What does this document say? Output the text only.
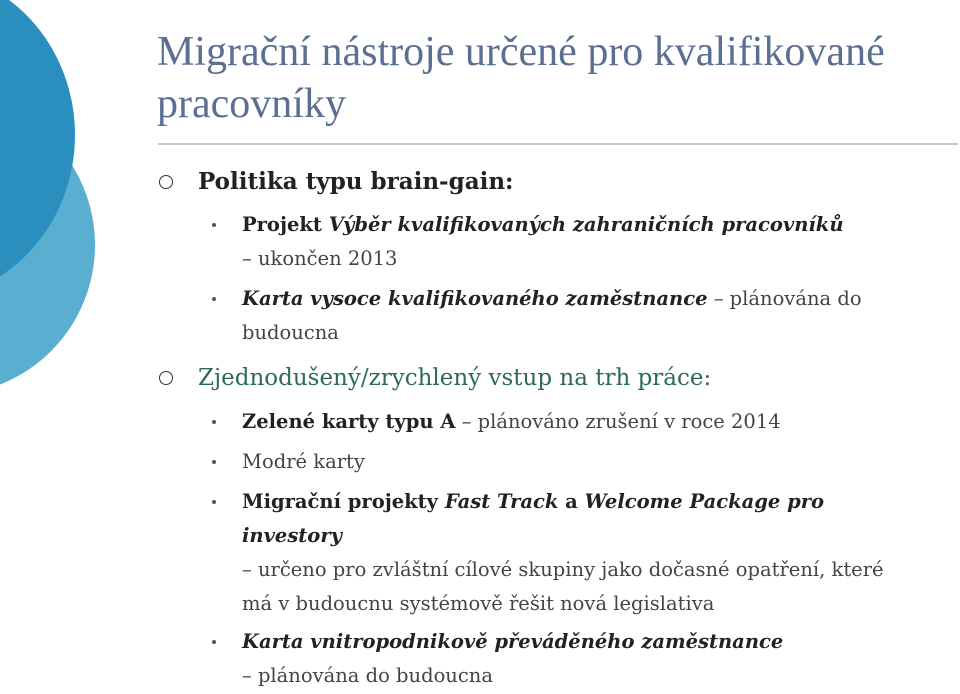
Migrační nástroje určené pro kvalifikované pracovníky
Politika typu brain-gain:
Projekt Výběr kvalifikovaných zahraničních pracovníků
– ukončen 2013
Karta vysoce kvalifikovaného zaměstnance – plánována do
budoucna
Zjednodušený/zrychlený vstup na trh práce:
Zelené karty typu A – plánováno zrušení v roce 2014
Modré karty
Migrační projekty Fast Track a Welcome Package pro
investory
– určeno pro zvláštní cílové skupiny jako dočasné opatření, které
má v budoucnu systémově řešit nová legislativa
Karta vnitropodnikově převáděného zaměstnance
– plánována do budoucna
